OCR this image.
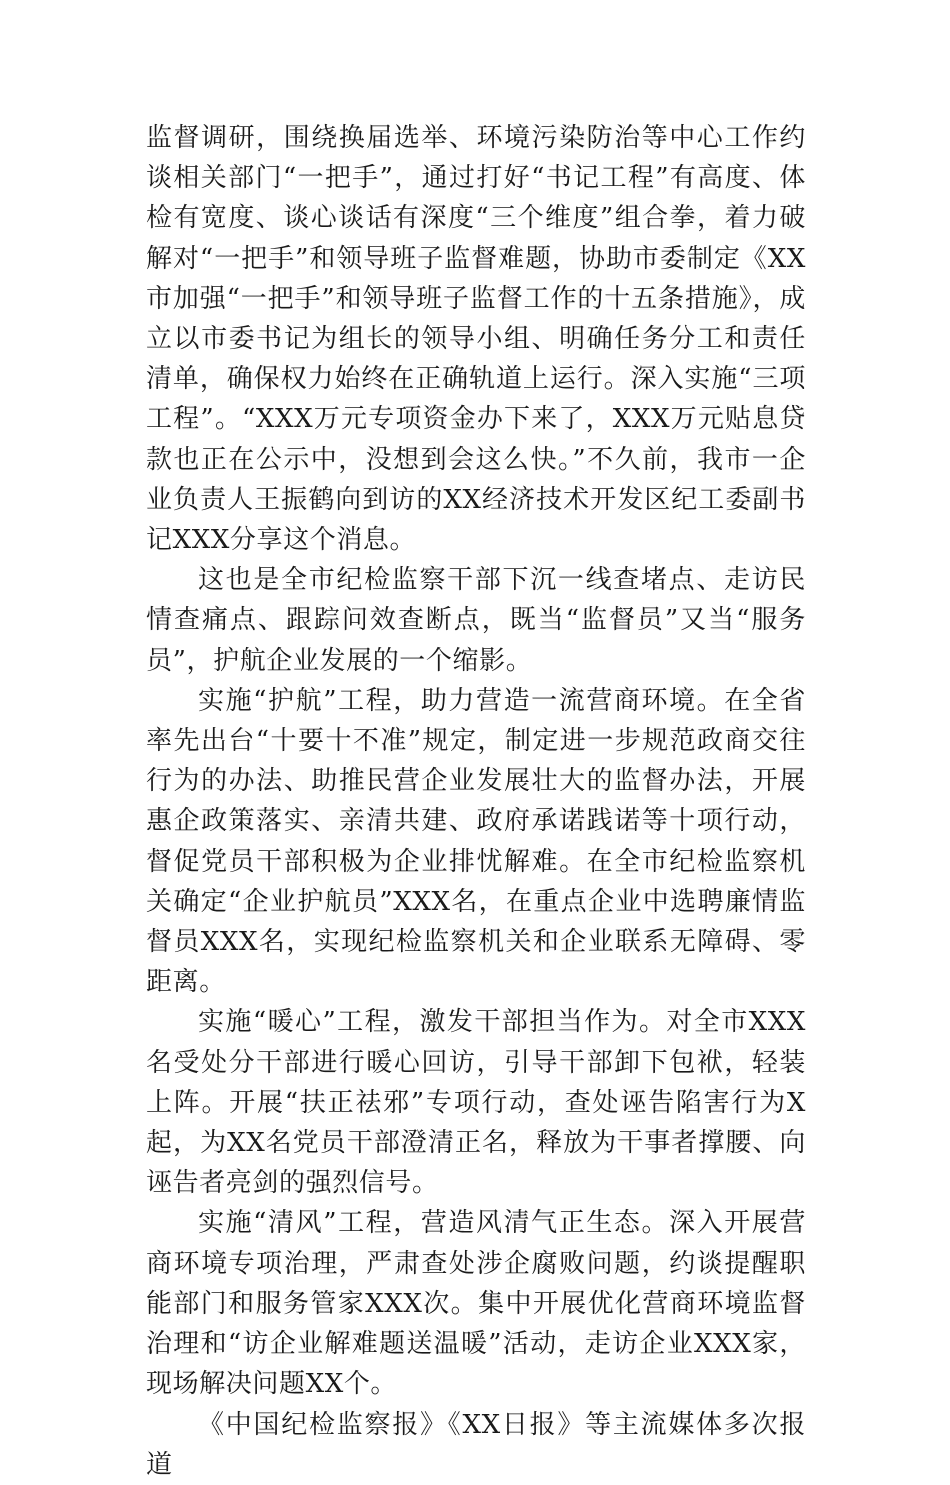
监督调研，围绕换届选举、环境污染防治等中心工作约谈相关部门“一把手”，通过打好“书记工程”有高度、体检有宽度、谈心谈话有深度“三个维度”组合拳，着力破解对“一把手”和领导班子监督难题，协助市委制定《XX市加强“一把手”和领导班子监督工作的十五条措施》，成立以市委书记为组长的领导小组、明确任务分工和责任清单，确保权力始终在正确轨道上运行。深入实施“三项工程”。“XXX万元专项资金办下来了，XXX万元贴息贷款也正在公示中，没想到会这么快。”不久前，我市一企业负责人王振鹤向到访的XX经济技术开发区纪工委副书记XXX分享这个消息。

这也是全市纪检监察干部下沉一线查堵点、走访民情查痛点、跟踪问效查断点，既当“监督员”又当“服务员”，护航企业发展的一个缩影。

实施“护航”工程，助力营造一流营商环境。在全省率先出台“十要十不准”规定，制定进一步规范政商交往行为的办法、助推民营企业发展壮大的监督办法，开展惠企政策落实、亲清共建、政府承诺践诺等十项行动，督促党员干部积极为企业排忧解难。在全市纪检监察机关确定“企业护航员”XXX名，在重点企业中选聘廉情监督员XXX名，实现纪检监察机关和企业联系无障碍、零距离。

实施“暖心”工程，激发干部担当作为。对全市XXX名受处分干部进行暖心回访，引导干部卸下包袱，轻装上阵。开展“扶正祛邪”专项行动，查处诬告陷害行为X起，为XX名党员干部澄清正名，释放为干事者撑腰、向诬告者亮剑的强烈信号。

实施“清风”工程，营造风清气正生态。深入开展营商环境专项治理，严肃查处涉企腐败问题，约谈提醒职能部门和服务管家XXX次。集中开展优化营商环境监督治理和“访企业解难题送温暖”活动，走访企业XXX家，现场解决问题XX个。

《中国纪检监察报》《XX日报》等主流媒体多次报道
